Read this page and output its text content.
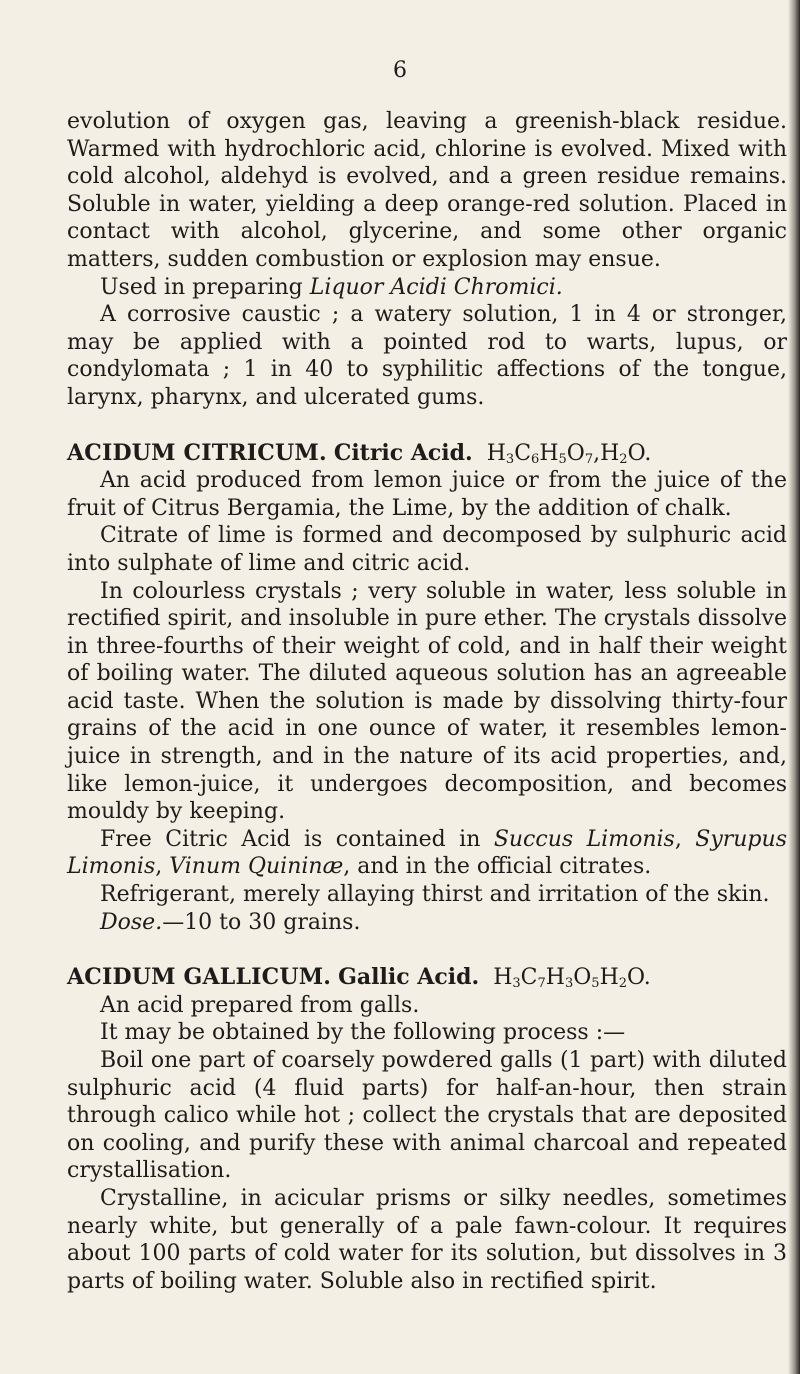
6

evolution of oxygen gas, leaving a greenish-black residue. Warmed with hydrochloric acid, chlorine is evolved. Mixed with cold alcohol, aldehyd is evolved, and a green residue remains. Soluble in water, yielding a deep orange-red solution. Placed in contact with alcohol, glycerine, and some other organic matters, sudden combustion or explosion may ensue.

Used in preparing Liquor Acidi Chromici.

A corrosive caustic ; a watery solution, 1 in 4 or stronger, may be applied with a pointed rod to warts, lupus, or condylomata ; 1 in 40 to syphilitic affections of the tongue, larynx, pharynx, and ulcerated gums.

ACIDUM CITRICUM. Citric Acid. $H_3C_6H_5O_7,H_2O$.

An acid produced from lemon juice or from the juice of the fruit of Citrus Bergamia, the Lime, by the addition of chalk.

Citrate of lime is formed and decomposed by sulphuric acid into sulphate of lime and citric acid.

In colourless crystals ; very soluble in water, less soluble in rectified spirit, and insoluble in pure ether. The crystals dissolve in three-fourths of their weight of cold, and in half their weight of boiling water. The diluted aqueous solution has an agreeable acid taste. When the solution is made by dissolving thirty-four grains of the acid in one ounce of water, it resembles lemon-juice in strength, and in the nature of its acid properties, and, like lemon-juice, it undergoes decomposition, and becomes mouldy by keeping.

Free Citric Acid is contained in Succus Limonis, Syrupus Limonis, Vinum Quininæ, and in the official citrates.

Refrigerant, merely allaying thirst and irritation of the skin.

Dose.—10 to 30 grains.

ACIDUM GALLICUM. Gallic Acid. $H_3C_7H_3O_5H_2O$.

An acid prepared from galls.

It may be obtained by the following process :—

Boil one part of coarsely powdered galls (1 part) with diluted sulphuric acid (4 fluid parts) for half-an-hour, then strain through calico while hot ; collect the crystals that are deposited on cooling, and purify these with animal charcoal and repeated crystallisation.

Crystalline, in acicular prisms or silky needles, sometimes nearly white, but generally of a pale fawn-colour. It requires about 100 parts of cold water for its solution, but dissolves in 3 parts of boiling water. Soluble also in rectified spirit.
